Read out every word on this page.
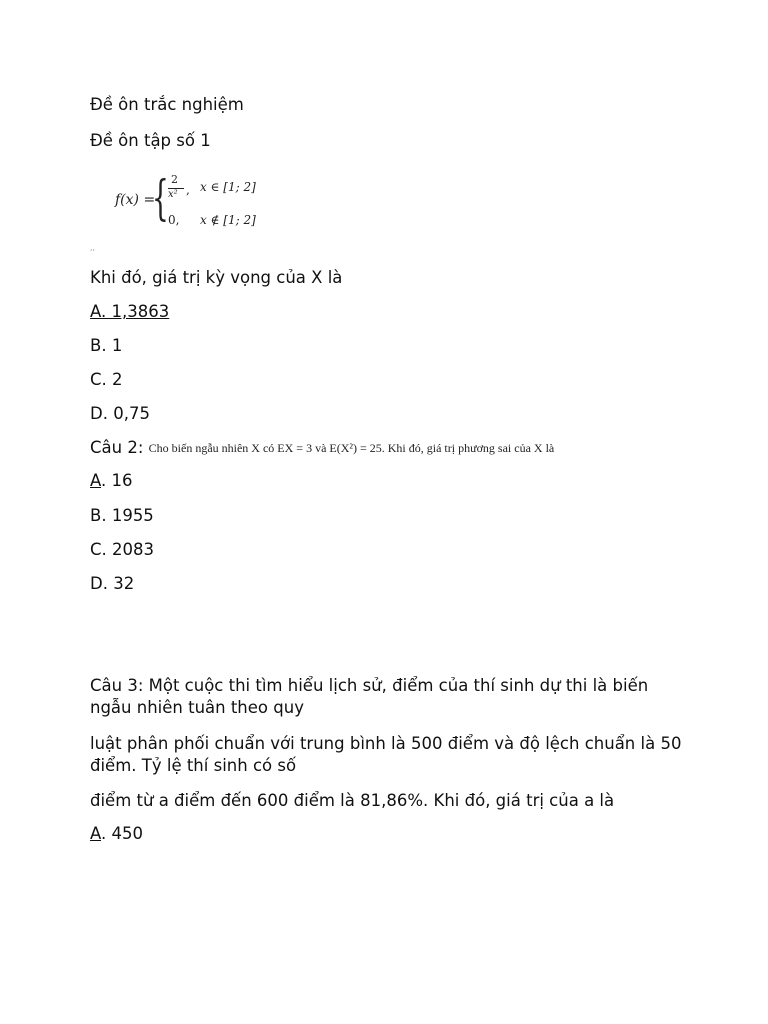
Đề ôn trắc nghiệm
Đề ôn tập số 1
f(x) =
{ 2
x² , x ∈ [1; 2]
0, x ∉ [1; 2]
‘‘
Khi đó, giá trị kỳ vọng của X là
A. 1,3863
B. 1
C. 2
D. 0,75
Câu 2: Cho biến ngẫu nhiên X có EX = 3 và E(X²) = 25. Khi đó, giá trị phương sai của X là
A. 16
B. 1955
C. 2083
D. 32
Câu 3: Một cuộc thi tìm hiểu lịch sử, điểm của thí sinh dự thi là biến ngẫu nhiên tuân theo quy
luật phân phối chuẩn với trung bình là 500 điểm và độ lệch chuẩn là 50 điểm. Tỷ lệ thí sinh có số
điểm từ a điểm đến 600 điểm là 81,86%. Khi đó, giá trị của a là
A. 450
